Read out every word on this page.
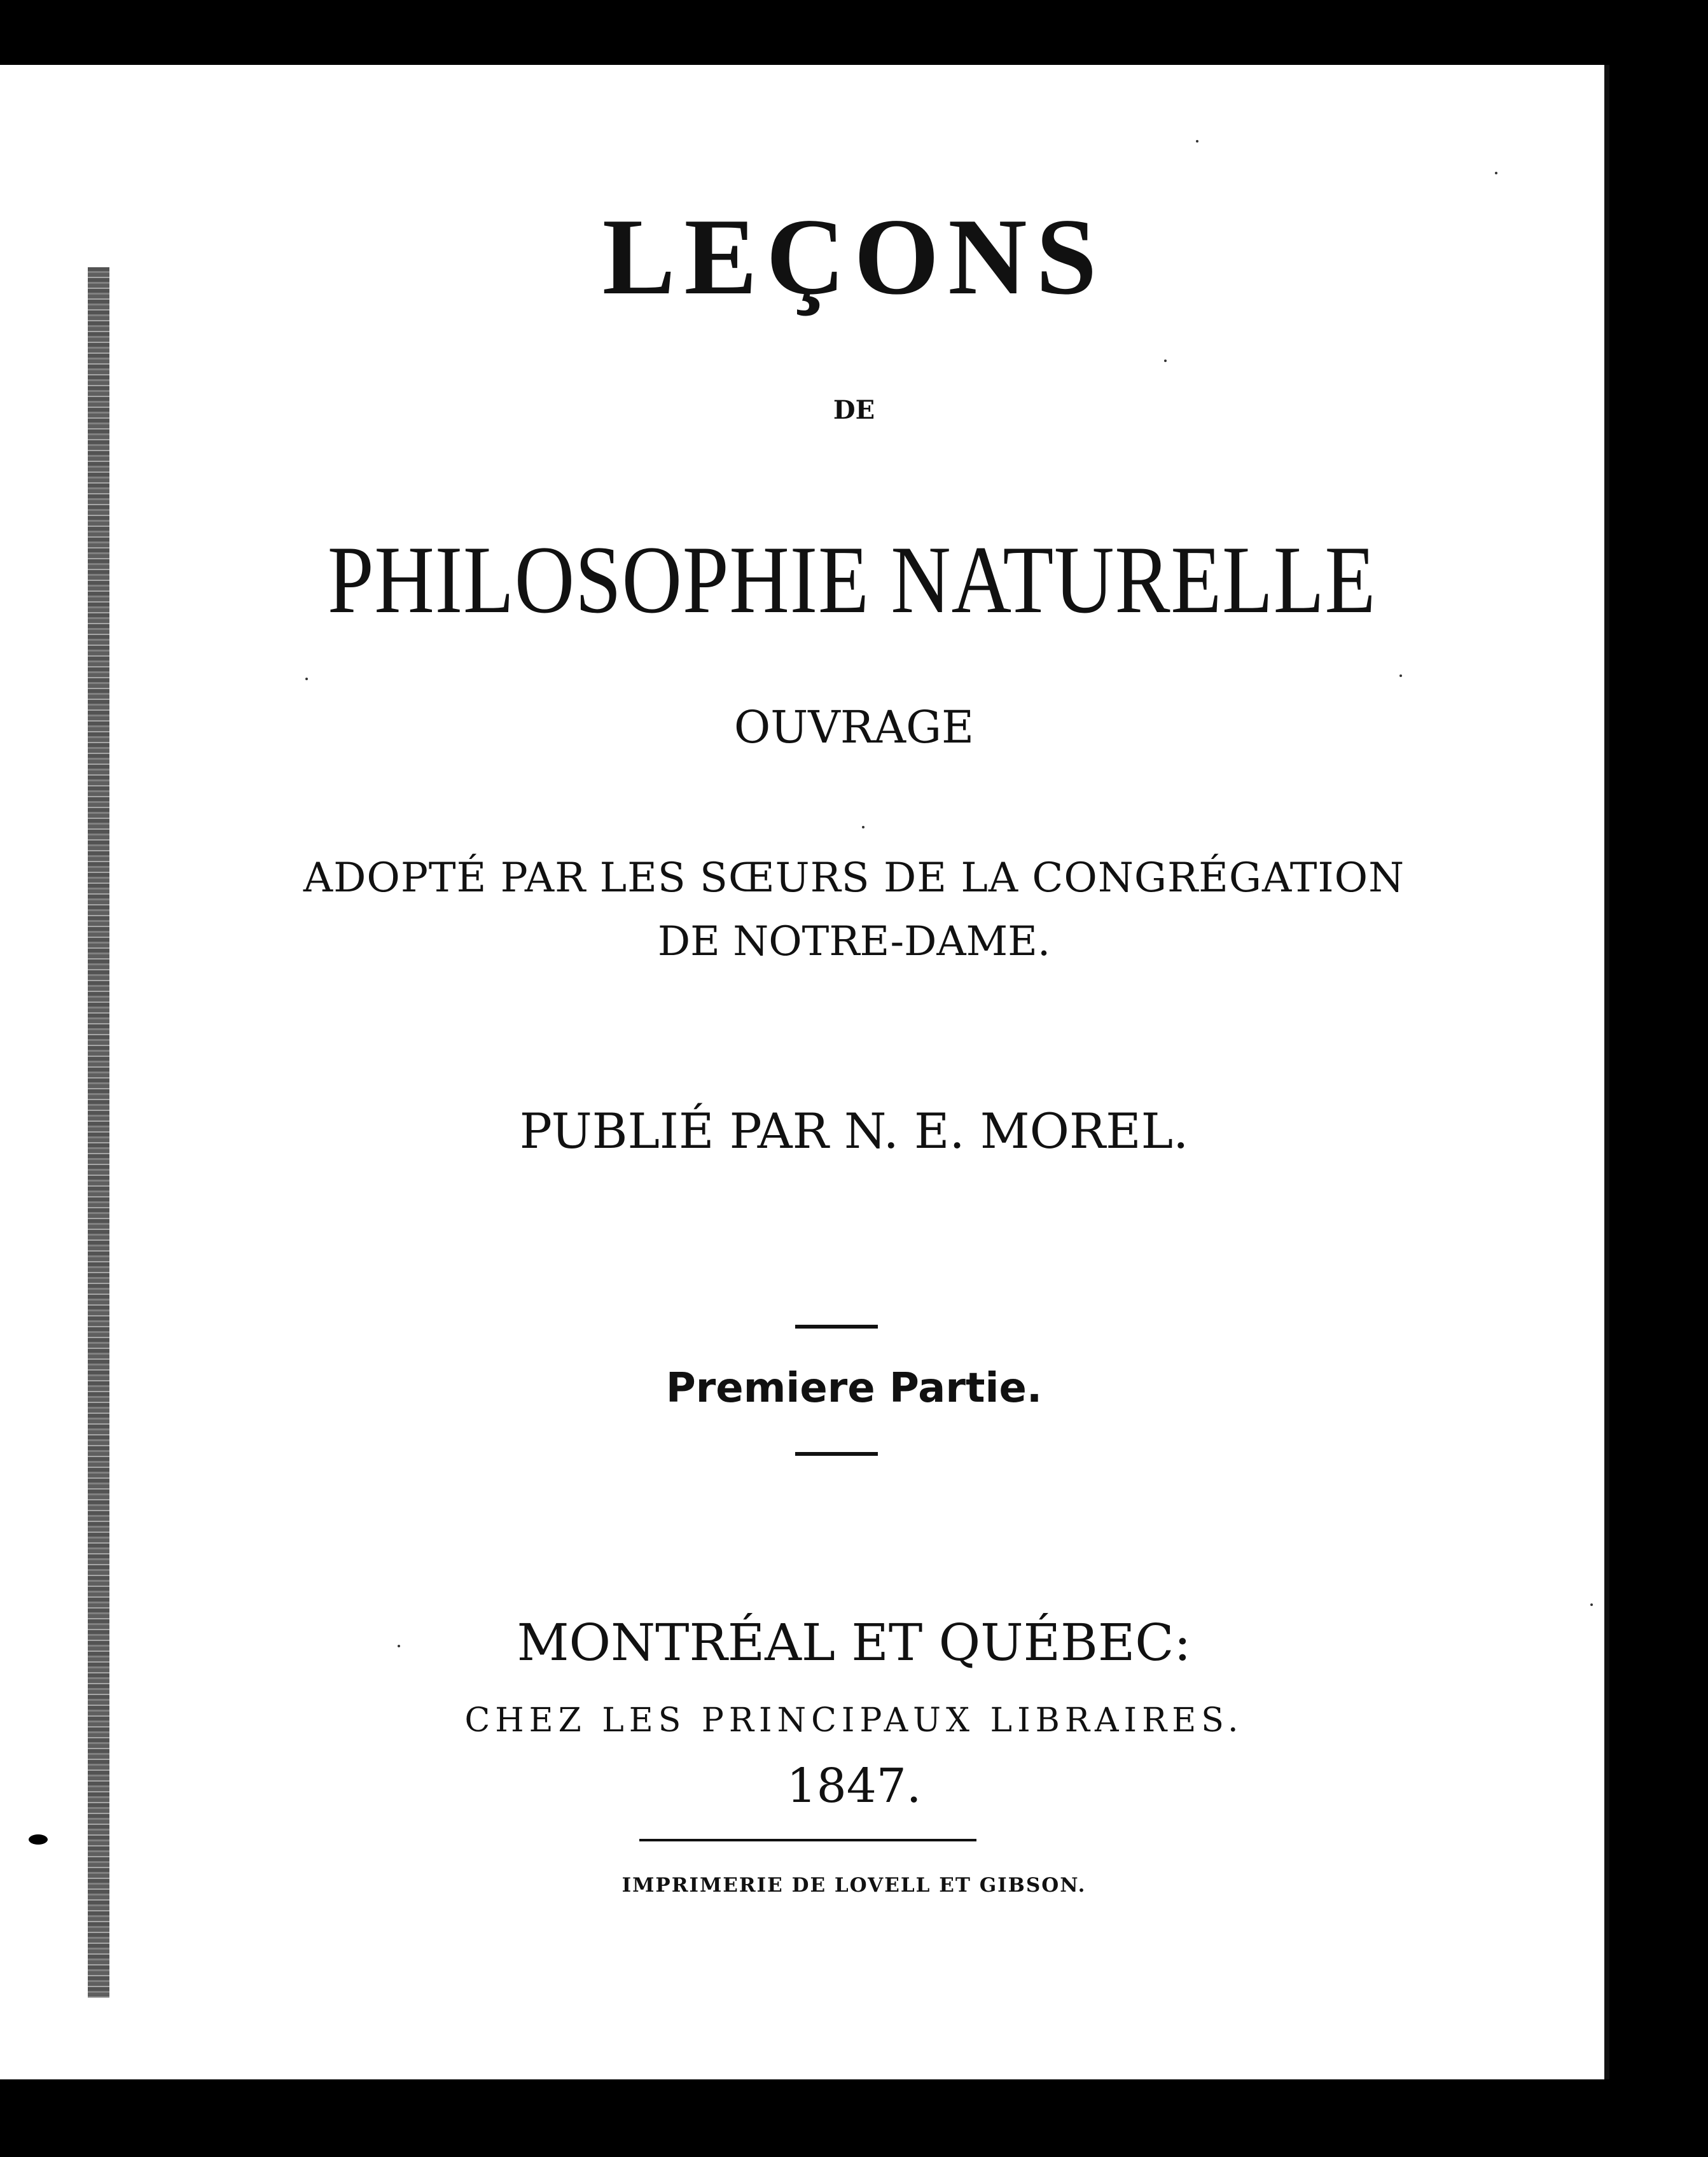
LEÇONS
DE
PHILOSOPHIE NATURELLE
OUVRAGE
ADOPTÉ PAR LES SŒURS DE LA CONGRÉGATION
DE NOTRE-DAME.
PUBLIÉ PAR N. E. MOREL.
Premiere Partie.
MONTRÉAL ET QUÉBEC:
CHEZ LES PRINCIPAUX LIBRAIRES.
1847.
IMPRIMERIE DE LOVELL ET GIBSON.
